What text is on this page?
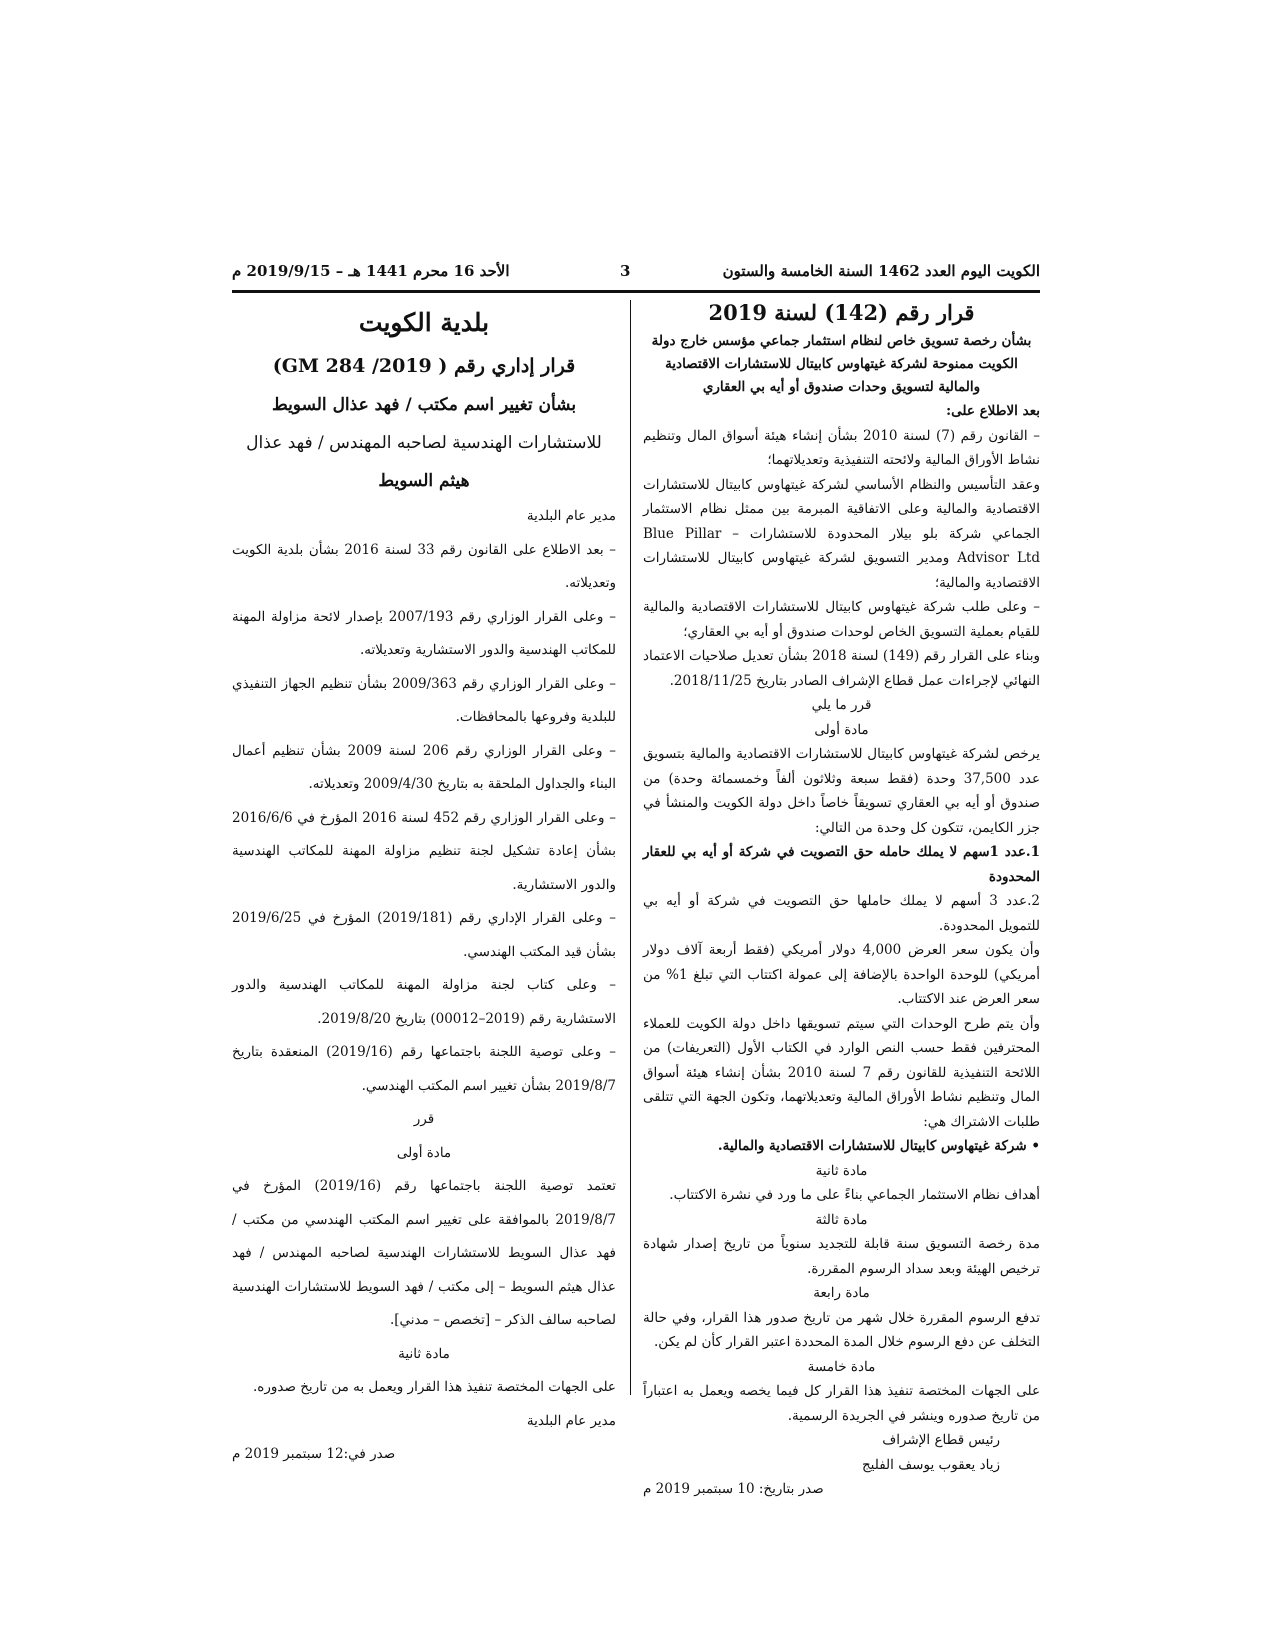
الكويت اليوم العدد 1462 السنة الخامسة والستون
3
الأحد 16 محرم 1441 هـ – 2019/9/15 م
قرار رقم (142) لسنة 2019
بشأن رخصة تسويق خاص لنظام استثمار جماعي مؤسس خارج دولة
الكويت ممنوحة لشركة غيتهاوس كابيتال للاستشارات الاقتصادية
والمالية لتسويق وحدات صندوق أو أيه بي العقاري
بعد الاطلاع على:
– القانون رقم (7) لسنة 2010 بشأن إنشاء هيئة أسواق المال وتنظيم نشاط الأوراق المالية ولائحته التنفيذية وتعديلاتهما؛
وعقد التأسيس والنظام الأساسي لشركة غيتهاوس كابيتال للاستشارات الاقتصادية والمالية وعلى الاتفاقية المبرمة بين ممثل نظام الاستثمار الجماعي شركة بلو بيلار المحدودة للاستشارات – Blue Pillar Advisor Ltd ومدير التسويق لشركة غيتهاوس كابيتال للاستشارات الاقتصادية والمالية؛
– وعلى طلب شركة غيتهاوس كابيتال للاستشارات الاقتصادية والمالية للقيام بعملية التسويق الخاص لوحدات صندوق أو أيه بي العقاري؛
وبناء على القرار رقم (149) لسنة 2018 بشأن تعديل صلاحيات الاعتماد النهائي لإجراءات عمل قطاع الإشراف الصادر بتاريخ 2018/11/25.
قرر ما يلي
مادة أولى
يرخص لشركة غيتهاوس كابيتال للاستشارات الاقتصادية والمالية بتسويق عدد 37,500 وحدة (فقط سبعة وثلاثون ألفاً وخمسمائة وحدة) من صندوق أو أيه بي العقاري تسويقاً خاصاً داخل دولة الكويت والمنشأ في جزر الكايمن، تتكون كل وحدة من التالي:
1.عدد 1سهم لا يملك حامله حق التصويت في شركة أو أيه بي للعقار المحدودة
2.عدد 3 أسهم لا يملك حاملها حق التصويت في شركة أو أيه بي للتمويل المحدودة.
وأن يكون سعر العرض 4,000 دولار أمريكي (فقط أربعة آلاف دولار أمريكي) للوحدة الواحدة بالإضافة إلى عمولة اكتتاب التي تبلغ 1% من سعر العرض عند الاكتتاب.
وأن يتم طرح الوحدات التي سيتم تسويقها داخل دولة الكويت للعملاء المحترفين فقط حسب النص الوارد في الكتاب الأول (التعريفات) من اللائحة التنفيذية للقانون رقم 7 لسنة 2010 بشأن إنشاء هيئة أسواق المال وتنظيم نشاط الأوراق المالية وتعديلاتهما، وتكون الجهة التي تتلقى طلبات الاشتراك هي:
• شركة غيتهاوس كابيتال للاستشارات الاقتصادية والمالية.
مادة ثانية
أهداف نظام الاستثمار الجماعي بناءً على ما ورد في نشرة الاكتتاب.
مادة ثالثة
مدة رخصة التسويق سنة قابلة للتجديد سنوياً من تاريخ إصدار شهادة ترخيص الهيئة وبعد سداد الرسوم المقررة.
مادة رابعة
تدفع الرسوم المقررة خلال شهر من تاريخ صدور هذا القرار، وفي حالة التخلف عن دفع الرسوم خلال المدة المحددة اعتبر القرار كأن لم يكن.
مادة خامسة
على الجهات المختصة تنفيذ هذا القرار كل فيما يخصه ويعمل به اعتباراً من تاريخ صدوره وينشر في الجريدة الرسمية.
رئيس قطاع الإشراف
زياد يعقوب يوسف الفليج
صدر بتاريخ: 10 سبتمبر 2019 م
بلدية الكويت
قرار إداري رقم ( GM 284 /2019)
بشأن تغيير اسم مكتب / فهد عذال السويط
للاستشارات الهندسية لصاحبه المهندس / فهد عذال
هيثم السويط
مدير عام البلدية
– بعد الاطلاع على القانون رقم 33 لسنة 2016 بشأن بلدية الكويت وتعديلاته.
– وعلى القرار الوزاري رقم 2007/193 بإصدار لائحة مزاولة المهنة للمكاتب الهندسية والدور الاستشارية وتعديلاته.
– وعلى القرار الوزاري رقم 2009/363 بشأن تنظيم الجهاز التنفيذي للبلدية وفروعها بالمحافظات.
– وعلى القرار الوزاري رقم 206 لسنة 2009 بشأن تنظيم أعمال البناء والجداول الملحقة به بتاريخ 2009/4/30 وتعديلاته.
– وعلى القرار الوزاري رقم 452 لسنة 2016 المؤرخ في 2016/6/6 بشأن إعادة تشكيل لجنة تنظيم مزاولة المهنة للمكاتب الهندسية والدور الاستشارية.
– وعلى القرار الإداري رقم (2019/181) المؤرخ في 2019/6/25 بشأن قيد المكتب الهندسي.
– وعلى كتاب لجنة مزاولة المهنة للمكاتب الهندسية والدور الاستشارية رقم (2019–00012) بتاريخ 2019/8/20.
– وعلى توصية اللجنة باجتماعها رقم (2019/16) المنعقدة بتاريخ 2019/8/7 بشأن تغيير اسم المكتب الهندسي.
قرر
مادة أولى
تعتمد توصية اللجنة باجتماعها رقم (2019/16) المؤرخ في 2019/8/7 بالموافقة على تغيير اسم المكتب الهندسي من مكتب / فهد عذال السويط للاستشارات الهندسية لصاحبه المهندس / فهد عذال هيثم السويط – إلى مكتب / فهد السويط للاستشارات الهندسية لصاحبه سالف الذكر – [تخصص – مدني].
مادة ثانية
على الجهات المختصة تنفيذ هذا القرار ويعمل به من تاريخ صدوره.
مدير عام البلدية
صدر في:12 سبتمبر 2019 م
